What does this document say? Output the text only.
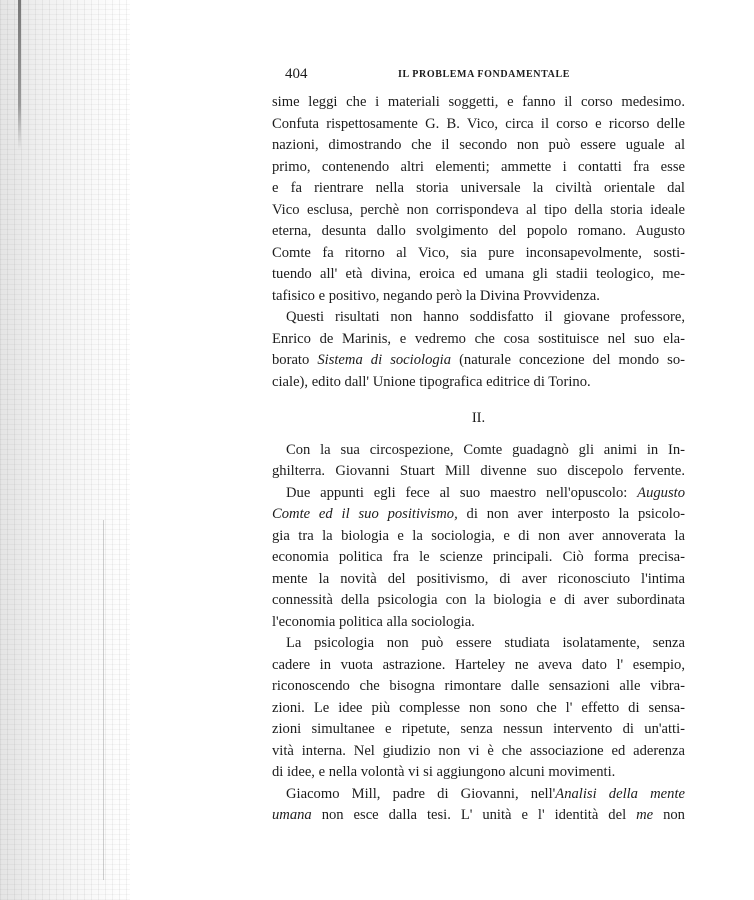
404	IL PROBLEMA FONDAMENTALE
sime leggi che i materiali soggetti, e fanno il corso medesimo.
Confuta rispettosamente G. B. Vico, circa il corso e ricorso delle
nazioni, dimostrando che il secondo non può essere uguale al
primo, contenendo altri elementi; ammette i contatti fra esse
e fa rientrare nella storia universale la civiltà orientale dal
Vico esclusa, perchè non corrispondeva al tipo della storia ideale
eterna, desunta dallo svolgimento del popolo romano. Augusto
Comte fa ritorno al Vico, sia pure inconsapevolmente, sosti-
tuendo all' età divina, eroica ed umana gli stadii teologico, me-
tafisico e positivo, negando però la Divina Provvidenza.
Questi risultati non hanno soddisfatto il giovane professore,
Enrico de Marinis, e vedremo che cosa sostituisce nel suo ela-
borato Sistema di sociologia (naturale concezione del mondo so-
ciale), edito dall' Unione tipografica editrice di Torino.
II.
Con la sua circospezione, Comte guadagnò gli animi in In-
ghilterra. Giovanni Stuart Mill divenne suo discepolo fervente.
Due appunti egli fece al suo maestro nell'opuscolo: Augusto
Comte ed il suo positivismo, di non aver interposto la psicolo-
gia tra la biologia e la sociologia, e di non aver annoverata la
economia politica fra le scienze principali. Ciò forma precisa-
mente la novità del positivismo, di aver riconosciuto l'intima
connessità della psicologia con la biologia e di aver subordinata
l'economia politica alla sociologia.
La psicologia non può essere studiata isolatamente, senza
cadere in vuota astrazione. Harteley ne aveva dato l' esempio,
riconoscendo che bisogna rimontare dalle sensazioni alle vibra-
zioni. Le idee più complesse non sono che l' effetto di sensa-
zioni simultanee e ripetute, senza nessun intervento di un'atti-
vità interna. Nel giudizio non vi è che associazione ed aderenza
di idee, e nella volontà vi si aggiungono alcuni movimenti.
Giacomo Mill, padre di Giovanni, nell'Analisi della mente
umana non esce dalla tesi. L' unità e l' identità del me non
